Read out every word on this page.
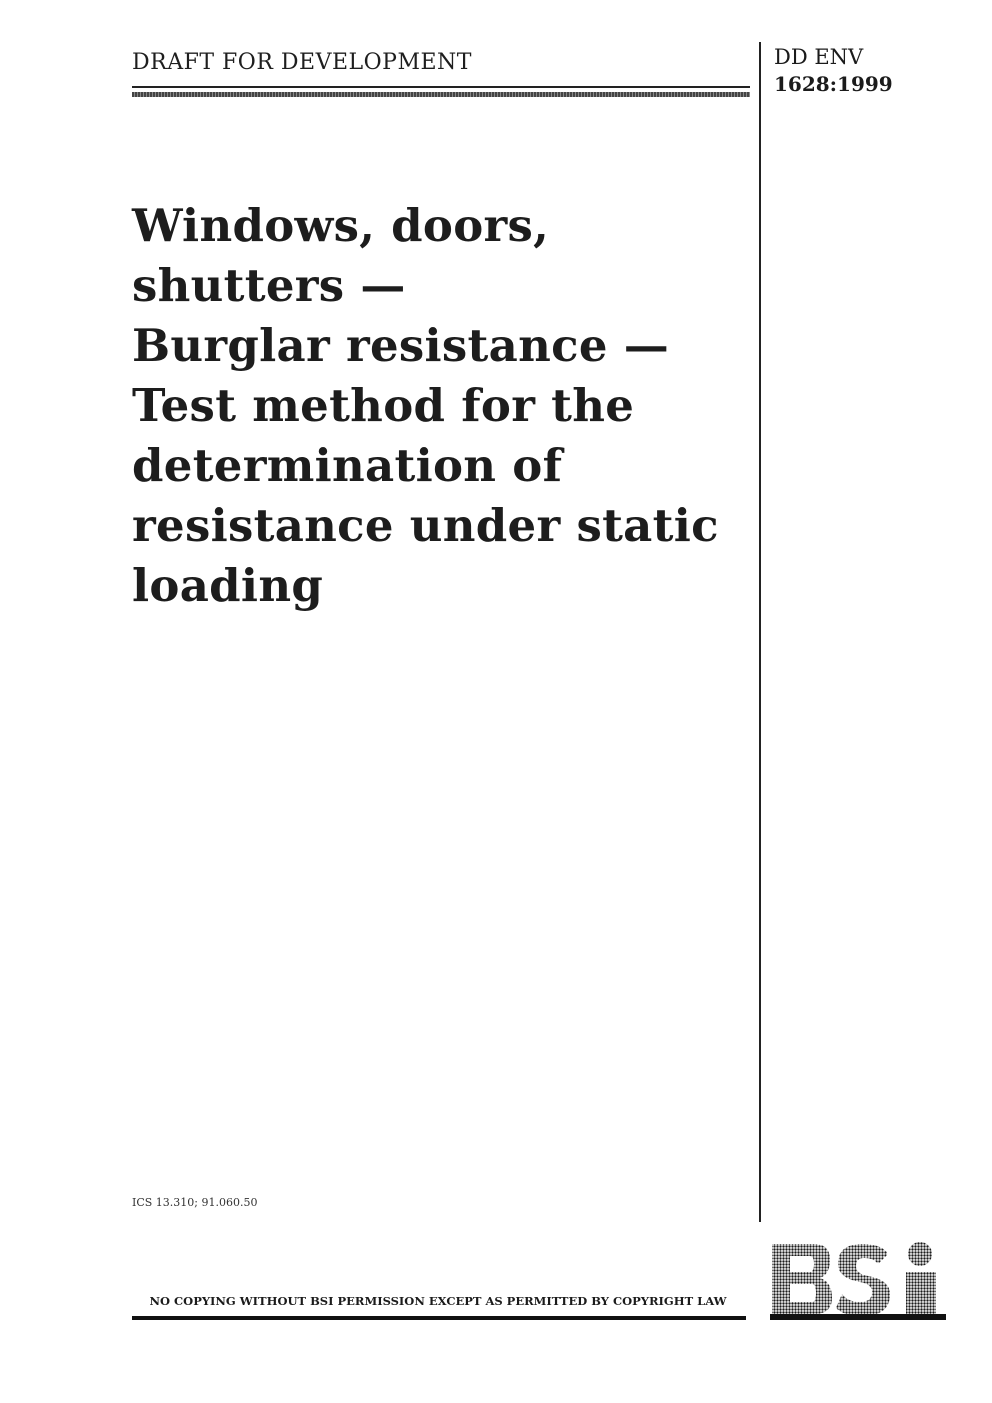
DRAFT FOR DEVELOPMENT	DD ENV
1628:1999
Windows, doors,
shutters —
Burglar resistance —
Test method for the
determination of
resistance under static
loading
ICS 13.310; 91.060.50
NO COPYING WITHOUT BSI PERMISSION EXCEPT AS PERMITTED BY COPYRIGHT LAW
